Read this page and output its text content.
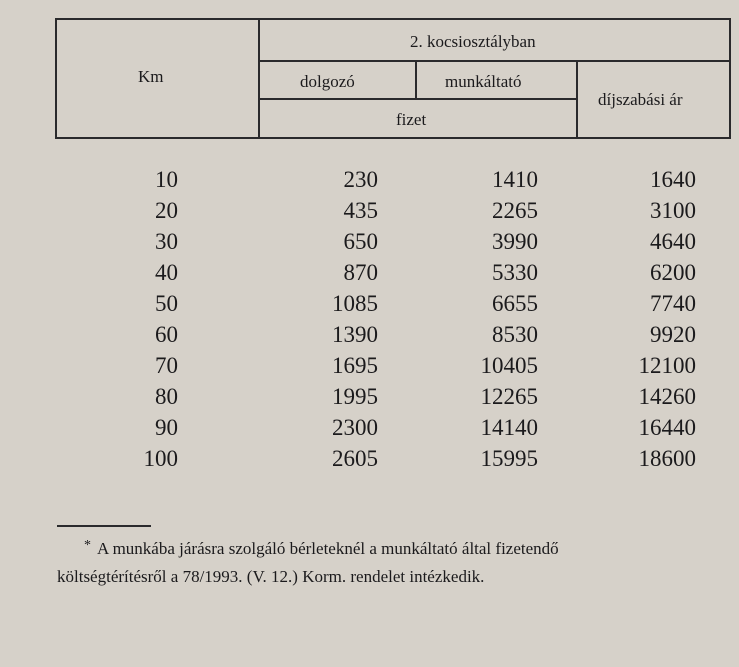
Km
2. kocsiosztályban
dolgozó	munkáltató
fizet
díjszabási ár
10	230	1410	1640
20	435	2265	3100
30	650	3990	4640
40	870	5330	6200
50	1085	6655	7740
60	1390	8530	9920
70	1695	10405	12100
80	1995	12265	14260
90	2300	14140	16440
100	2605	15995	18600
* A munkába járásra szolgáló bérleteknél a munkáltató által fizetendő
költségtérítésről a 78/1993. (V. 12.) Korm. rendelet intézkedik.
